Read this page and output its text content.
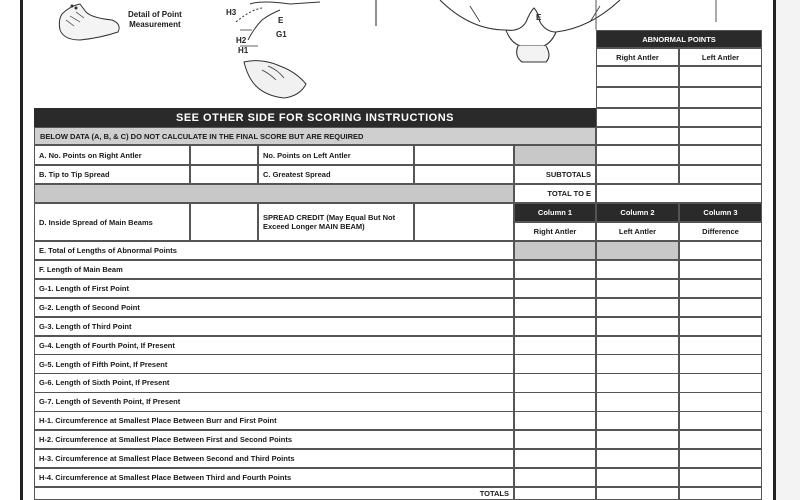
Detail of Point
Measurement
H3
H2
H1
G1
E	E
ABNORMAL POINTS
Right Antler	Left Antler
SEE OTHER SIDE FOR SCORING INSTRUCTIONS
BELOW DATA (A, B, & C) DO NOT CALCULATE IN THE FINAL SCORE BUT ARE REQUIRED
A. No. Points on Right Antler	No. Points on Left Antler
B. Tip to Tip Spread	C. Greatest Spread	SUBTOTALS
TOTAL TO E
D. Inside Spread of Main Beams	SPREAD CREDIT (May Equal But Not Exceed Longer MAIN BEAM)
Column 1	Column 2	Column 3
Right Antler	Left Antler	Difference
E. Total of Lengths of Abnormal Points
F. Length of Main Beam
G-1. Length of First Point
G-2. Length of Second Point
G-3. Length of Third Point
G-4. Length of Fourth Point, If Present
G-5. Length of Fifth Point, If Present
G-6. Length of Sixth Point, If Present
G-7. Length of Seventh Point, If Present
H-1. Circumference at Smallest Place Between Burr and First Point
H-2. Circumference at Smallest Place Between First and Second Points
H-3. Circumference at Smallest Place Between Second and Third Points
H-4. Circumference at Smallest Place Between Third and Fourth Points
TOTALS
